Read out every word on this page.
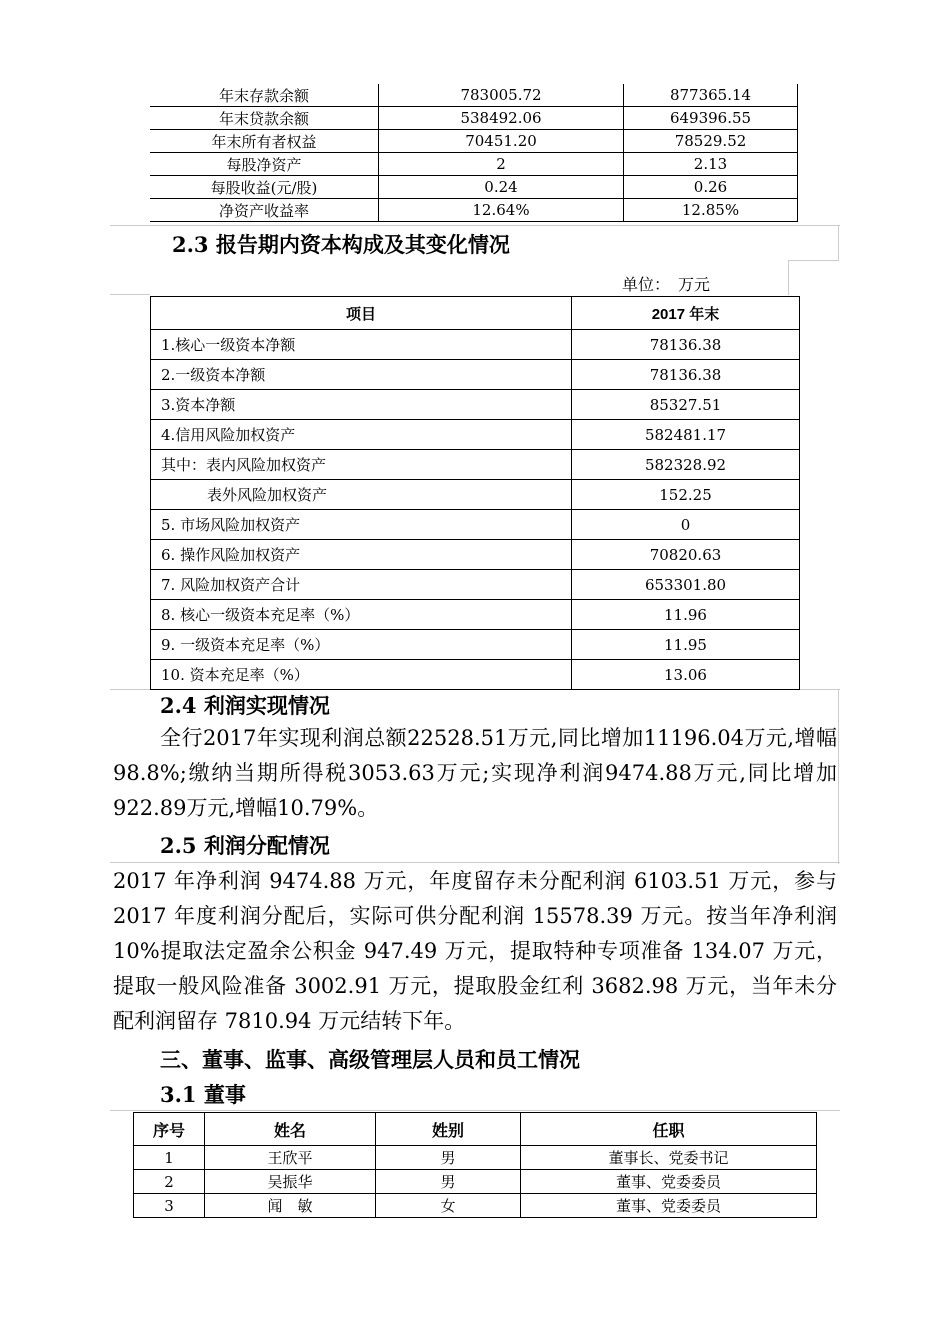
年末存款余额	783005.72	877365.14
年末贷款余额	538492.06	649396.55
年末所有者权益	70451.20	78529.52
每股净资产	2	2.13
每股收益(元/股)	0.24	0.26
净资产收益率	12.64%	12.85%
2.3 报告期内资本构成及其变化情况
单位：　万元
项目	2017 年末
1.核心一级资本净额	78136.38
2.一级资本净额	78136.38
3.资本净额	85327.51
4.信用风险加权资产	582481.17
其中：表内风险加权资产	582328.92
表外风险加权资产	152.25
5. 市场风险加权资产	0
6. 操作风险加权资产	70820.63
7. 风险加权资产合计	653301.80
8. 核心一级资本充足率（%）	11.96
9. 一级资本充足率（%）	11.95
10. 资本充足率（%）	13.06
2.4 利润实现情况
全行2017年实现利润总额22528.51万元,同比增加11196.04万元,增幅98.8%;缴纳当期所得税3053.63万元;实现净利润9474.88万元,同比增加922.89万元,增幅10.79%。
2.5 利润分配情况
2017 年净利润 9474.88 万元，年度留存未分配利润 6103.51 万元，参与 2017 年度利润分配后，实际可供分配利润 15578.39 万元。按当年净利润 10%提取法定盈余公积金 947.49 万元，提取特种专项准备 134.07 万元，提取一般风险准备 3002.91 万元，提取股金红利 3682.98 万元，当年未分配利润留存 7810.94 万元结转下年。
三、董事、监事、高级管理层人员和员工情况
3.1 董事
序号	姓名	姓别	任职
1	王欣平	男	董事长、党委书记
2	吴振华	男	董事、党委委员
3	闻　敏	女	董事、党委委员
